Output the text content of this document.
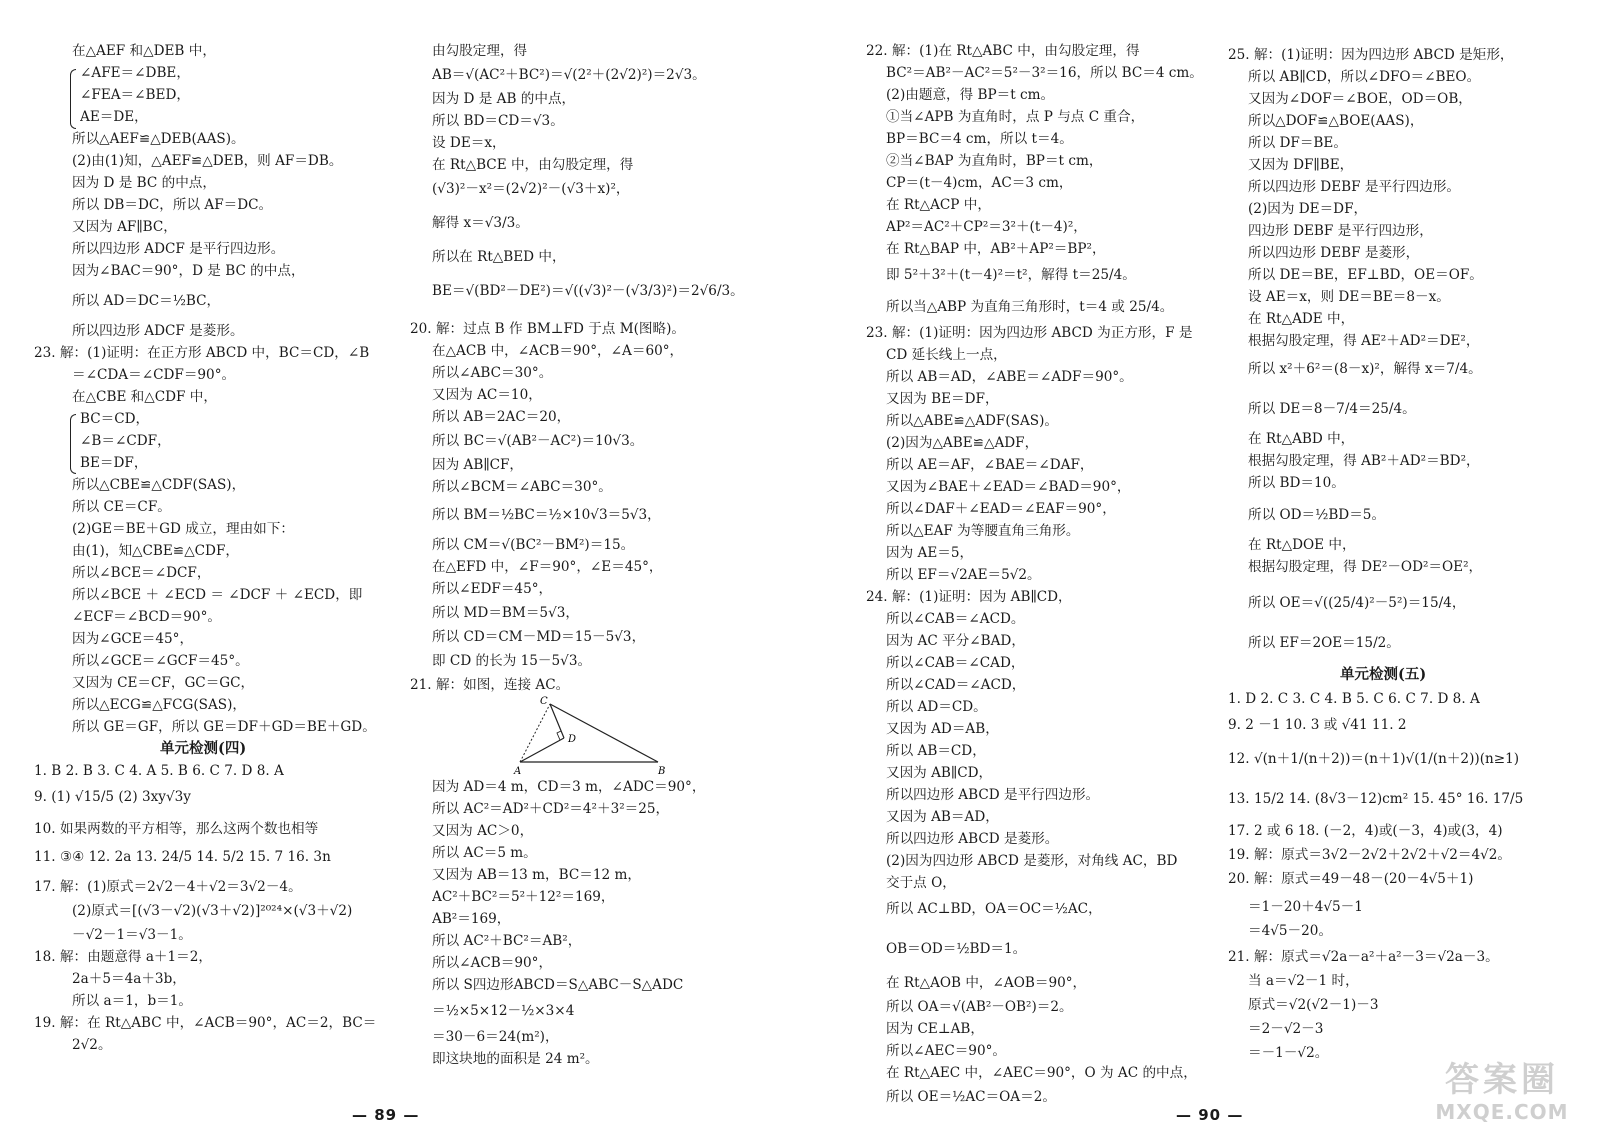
在△AEF 和△DEB 中，
∠AFE＝∠DBE，
∠FEA＝∠BED，
AE＝DE，
所以△AEF≌△DEB(AAS)。
(2)由(1)知，△AEF≌△DEB，则 AF＝DB。
因为 D 是 BC 的中点，
所以 DB＝DC，所以 AF＝DC。
又因为 AF∥BC，
所以四边形 ADCF 是平行四边形。
因为∠BAC＝90°，D 是 BC 的中点，
所以 AD＝DC＝½BC，
所以四边形 ADCF 是菱形。
23. 解：(1)证明：在正方形 ABCD 中，BC＝CD，∠B
＝∠CDA＝∠CDF＝90°。
在△CBE 和△CDF 中，
BC＝CD，
∠B＝∠CDF，
BE＝DF，
所以△CBE≌△CDF(SAS)，
所以 CE＝CF。
(2)GE＝BE＋GD 成立，理由如下：
由(1)，知△CBE≌△CDF，
所以∠BCE＝∠DCF，
所以∠BCE ＋ ∠ECD ＝ ∠DCF ＋ ∠ECD，即
∠ECF＝∠BCD＝90°。
因为∠GCE＝45°，
所以∠GCE＝∠GCF＝45°。
又因为 CE＝CF，GC＝GC，
所以△ECG≌△FCG(SAS)，
所以 GE＝GF，所以 GE＝DF＋GD＝BE＋GD。
单元检测(四)
1. B 2. B 3. C 4. A 5. B 6. C 7. D 8. A
9. (1) √15/5 (2) 3xy√3y
10. 如果两数的平方相等，那么这两个数也相等
11. ③④ 12. 2a 13. 24/5 14. 5/2 15. 7 16. 3n
17. 解：(1)原式＝2√2－4＋√2＝3√2－4。
(2)原式＝[(√3－√2)(√3＋√2)]²⁰²⁴×(√3＋√2)
－√2－1＝√3－1。
18. 解：由题意得 a＋1＝2，
2a＋5＝4a＋3b，
所以 a＝1，b＝1。
19. 解：在 Rt△ABC 中，∠ACB＝90°，AC＝2，BC＝
2√2。
由勾股定理，得
AB＝√(AC²＋BC²)＝√(2²＋(2√2)²)＝2√3。
因为 D 是 AB 的中点，
所以 BD＝CD＝√3。
设 DE＝x，
在 Rt△BCE 中，由勾股定理，得
(√3)²－x²＝(2√2)²－(√3＋x)²，
解得 x＝√3/3。
所以在 Rt△BED 中，
BE＝√(BD²－DE²)＝√((√3)²－(√3/3)²)＝2√6/3。
20. 解：过点 B 作 BM⊥FD 于点 M(图略)。
在△ACB 中，∠ACB＝90°，∠A＝60°，
所以∠ABC＝30°。
又因为 AC＝10，
所以 AB＝2AC＝20，
所以 BC＝√(AB²－AC²)＝10√3。
因为 AB∥CF，
所以∠BCM＝∠ABC＝30°。
所以 BM＝½BC＝½×10√3＝5√3，
所以 CM＝√(BC²－BM²)＝15。
在△EFD 中，∠F＝90°，∠E＝45°，
所以∠EDF＝45°，
所以 MD＝BM＝5√3，
所以 CD＝CM－MD＝15－5√3，
即 CD 的长为 15－5√3。
21. 解：如图，连接 AC。
A	B
C
D
因为 AD＝4 m，CD＝3 m，∠ADC＝90°，
所以 AC²＝AD²＋CD²＝4²＋3²＝25，
又因为 AC＞0，
所以 AC＝5 m。
又因为 AB＝13 m，BC＝12 m，
AC²＋BC²＝5²＋12²＝169，
AB²＝169，
所以 AC²＋BC²＝AB²，
所以∠ACB＝90°，
所以 S四边形ABCD＝S△ABC－S△ADC
＝½×5×12－½×3×4
＝30－6＝24(m²)，
即这块地的面积是 24 m²。
— 89 —
22. 解：(1)在 Rt△ABC 中，由勾股定理，得
BC²＝AB²－AC²＝5²－3²＝16，所以 BC＝4 cm。
(2)由题意，得 BP＝t cm。
①当∠APB 为直角时，点 P 与点 C 重合，
BP＝BC＝4 cm，所以 t＝4。
②当∠BAP 为直角时，BP＝t cm，
CP＝(t－4)cm，AC＝3 cm，
在 Rt△ACP 中，
AP²＝AC²＋CP²＝3²＋(t－4)²，
在 Rt△BAP 中，AB²＋AP²＝BP²，
即 5²＋3²＋(t－4)²＝t²，解得 t＝25/4。
所以当△ABP 为直角三角形时，t＝4 或 25/4。
23. 解：(1)证明：因为四边形 ABCD 为正方形，F 是
CD 延长线上一点，
所以 AB＝AD，∠ABE＝∠ADF＝90°。
又因为 BE＝DF，
所以△ABE≌△ADF(SAS)。
(2)因为△ABE≌△ADF，
所以 AE＝AF，∠BAE＝∠DAF，
又因为∠BAE＋∠EAD＝∠BAD＝90°，
所以∠DAF＋∠EAD＝∠EAF＝90°，
所以△EAF 为等腰直角三角形。
因为 AE＝5，
所以 EF＝√2AE＝5√2。
24. 解：(1)证明：因为 AB∥CD，
所以∠CAB＝∠ACD。
因为 AC 平分∠BAD，
所以∠CAB＝∠CAD，
所以∠CAD＝∠ACD，
所以 AD＝CD。
又因为 AD＝AB，
所以 AB＝CD，
又因为 AB∥CD，
所以四边形 ABCD 是平行四边形。
又因为 AB＝AD，
所以四边形 ABCD 是菱形。
(2)因为四边形 ABCD 是菱形，对角线 AC，BD
交于点 O，
所以 AC⊥BD，OA＝OC＝½AC，
OB＝OD＝½BD＝1。
在 Rt△AOB 中，∠AOB＝90°，
所以 OA＝√(AB²－OB²)＝2。
因为 CE⊥AB，
所以∠AEC＝90°。
在 Rt△AEC 中，∠AEC＝90°，O 为 AC 的中点，
所以 OE＝½AC＝OA＝2。
25. 解：(1)证明：因为四边形 ABCD 是矩形，
所以 AB∥CD，所以∠DFO＝∠BEO。
又因为∠DOF＝∠BOE，OD＝OB，
所以△DOF≌△BOE(AAS)，
所以 DF＝BE。
又因为 DF∥BE，
所以四边形 DEBF 是平行四边形。
(2)因为 DE＝DF，
四边形 DEBF 是平行四边形，
所以四边形 DEBF 是菱形，
所以 DE＝BE，EF⊥BD，OE＝OF。
设 AE＝x，则 DE＝BE＝8－x。
在 Rt△ADE 中，
根据勾股定理，得 AE²＋AD²＝DE²，
所以 x²＋6²＝(8－x)²，解得 x＝7/4。
所以 DE＝8－7/4＝25/4。
在 Rt△ABD 中，
根据勾股定理，得 AB²＋AD²＝BD²，
所以 BD＝10。
所以 OD＝½BD＝5。
在 Rt△DOE 中，
根据勾股定理，得 DE²－OD²＝OE²，
所以 OE＝√((25/4)²－5²)＝15/4，
所以 EF＝2OE＝15/2。
单元检测(五)
1. D 2. C 3. C 4. B 5. C 6. C 7. D 8. A
9. 2 －1 10. 3 或 √41 11. 2
12. √(n＋1/(n＋2))＝(n＋1)√(1/(n＋2))(n≥1)
13. 15/2 14. (8√3－12)cm² 15. 45° 16. 17/5
17. 2 或 6 18. (－2，4)或(－3，4)或(3，4)
19. 解：原式＝3√2－2√2＋2√2＋√2＝4√2。
20. 解：原式＝49－48－(20－4√5＋1)
＝1－20＋4√5－1
＝4√5－20。
21. 解：原式＝√2a－a²＋a²－3＝√2a－3。
当 a＝√2－1 时，
原式＝√2(√2－1)－3
＝2－√2－3
＝－1－√2。
— 90 —
答案圈
MXQE.COM
